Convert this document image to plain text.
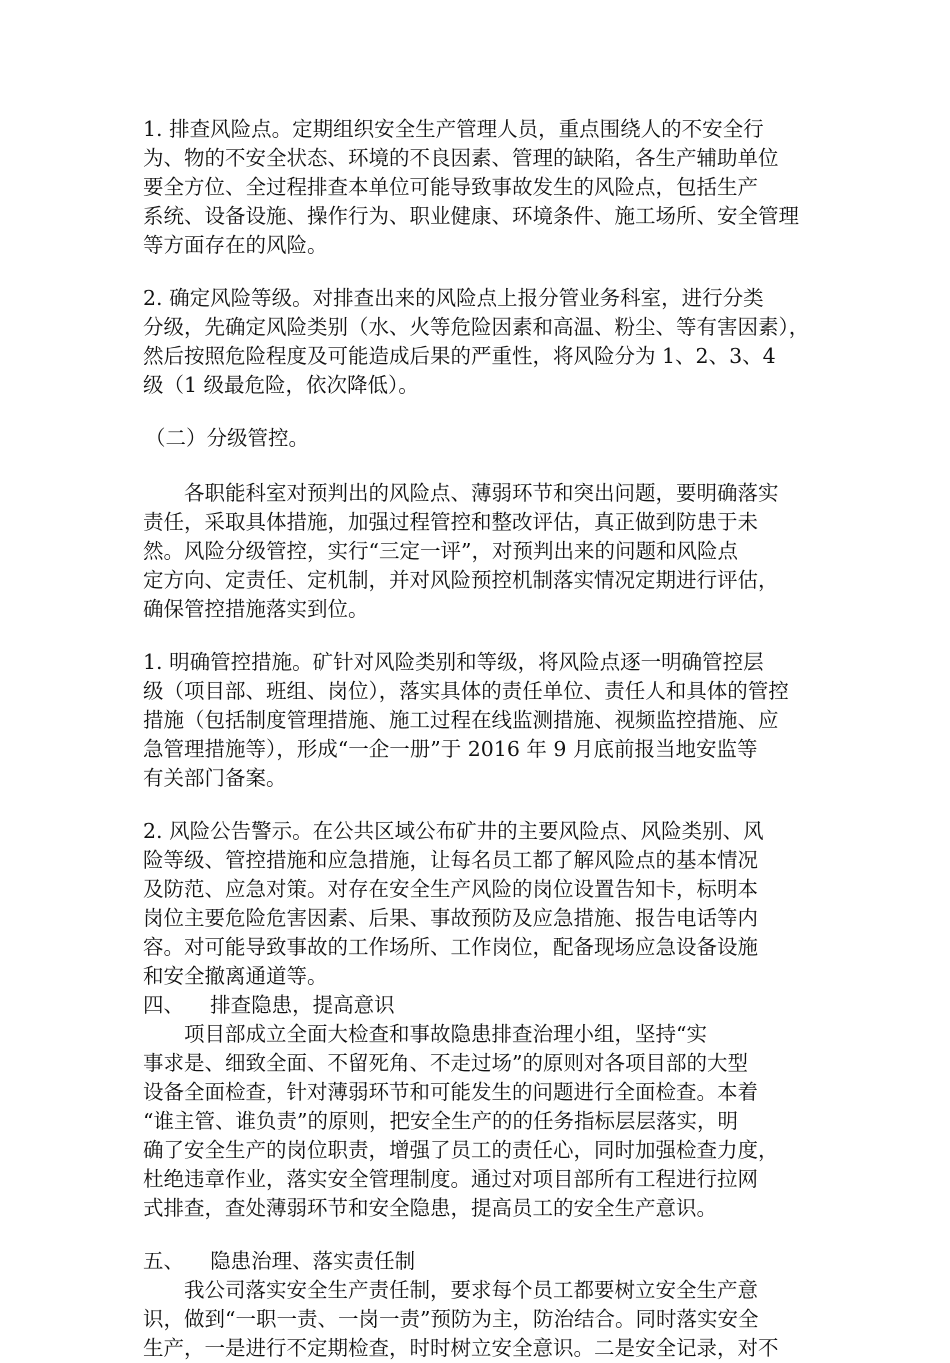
1. 排查风险点。定期组织安全生产管理人员，重点围绕人的不安全行
为、物的不安全状态、环境的不良因素、管理的缺陷，各生产辅助单位
要全方位、全过程排查本单位可能导致事故发生的风险点，包括生产
系统、设备设施、操作行为、职业健康、环境条件、施工场所、安全管理
等方面存在的风险。
2. 确定风险等级。对排查出来的风险点上报分管业务科室，进行分类
分级，先确定风险类别（水、火等危险因素和高温、粉尘、等有害因素），
然后按照危险程度及可能造成后果的严重性，将风险分为 1、2、3、4
级（1 级最危险，依次降低）。
（二）分级管控。
各职能科室对预判出的风险点、薄弱环节和突出问题，要明确落实
责任，采取具体措施，加强过程管控和整改评估，真正做到防患于未
然。风险分级管控，实行“三定一评”，对预判出来的问题和风险点
定方向、定责任、定机制，并对风险预控机制落实情况定期进行评估，
确保管控措施落实到位。
1. 明确管控措施。矿针对风险类别和等级，将风险点逐一明确管控层
级（项目部、班组、岗位），落实具体的责任单位、责任人和具体的管控
措施（包括制度管理措施、施工过程在线监测措施、视频监控措施、应
急管理措施等），形成“一企一册”于 2016 年 9 月底前报当地安监等
有关部门备案。
2. 风险公告警示。在公共区域公布矿井的主要风险点、风险类别、风
险等级、管控措施和应急措施，让每名员工都了解风险点的基本情况
及防范、应急对策。对存在安全生产风险的岗位设置告知卡，标明本
岗位主要危险危害因素、后果、事故预防及应急措施、报告电话等内
容。对可能导致事故的工作场所、工作岗位，配备现场应急设备设施
和安全撤离通道等。
四、    排查隐患，提高意识
项目部成立全面大检查和事故隐患排查治理小组，坚持“实
事求是、细致全面、不留死角、不走过场”的原则对各项目部的大型
设备全面检查，针对薄弱环节和可能发生的问题进行全面检查。本着
“谁主管、谁负责”的原则，把安全生产的的任务指标层层落实，明
确了安全生产的岗位职责，增强了员工的责任心，同时加强检查力度，
杜绝违章作业，落实安全管理制度。通过对项目部所有工程进行拉网
式排查，查处薄弱环节和安全隐患，提高员工的安全生产意识。
五、    隐患治理、落实责任制
我公司落实安全生产责任制，要求每个员工都要树立安全生产意
识，做到“一职一责、一岗一责”预防为主，防治结合。同时落实安全
生产，一是进行不定期检查，时时树立安全意识。二是安全记录，对不
